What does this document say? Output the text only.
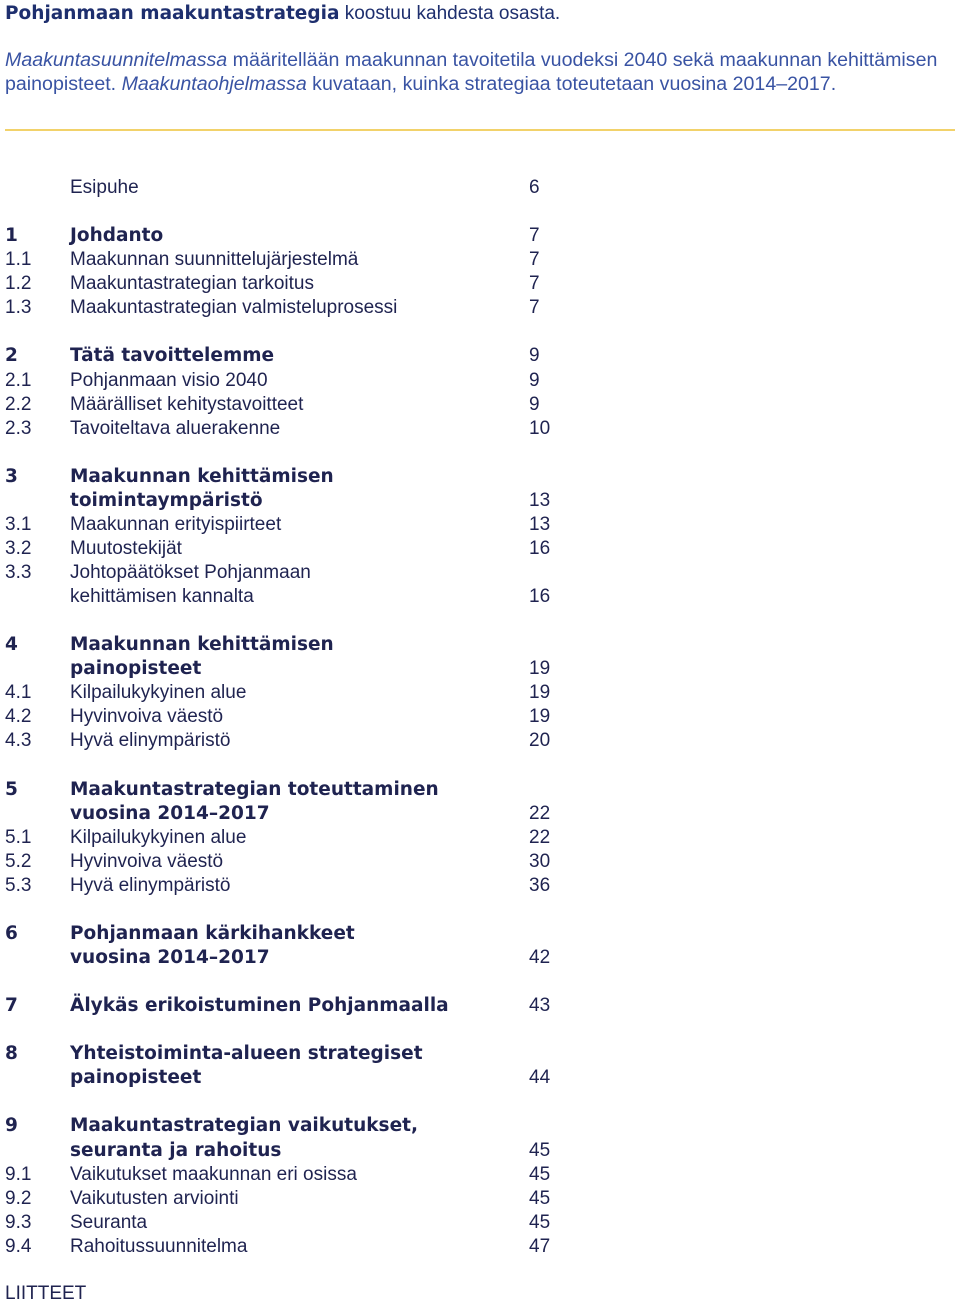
Pohjanmaan maakuntastrategia koostuu kahdesta osasta.
Maakuntasuunnitelmassa määritellään maakunnan tavoitetila vuodeksi 2040 sekä maakunnan kehittämisen
painopisteet. Maakuntaohjelmassa kuvataan, kuinka strategiaa toteutetaan vuosina 2014–2017.
Esipuhe	6
1	Johdanto	7
1.1	Maakunnan suunnittelujärjestelmä	7
1.2	Maakuntastrategian tarkoitus	7
1.3	Maakuntastrategian valmisteluprosessi	7
2	Tätä tavoittelemme	9
2.1	Pohjanmaan visio 2040	9
2.2	Määrälliset kehitystavoitteet	9
2.3	Tavoiteltava aluerakenne	10
3	Maakunnan kehittämisen
toimintaympäristö	13
3.1	Maakunnan erityispiirteet	13
3.2	Muutostekijät	16
3.3	Johtopäätökset Pohjanmaan
kehittämisen kannalta	16
4	Maakunnan kehittämisen
painopisteet	19
4.1	Kilpailukykyinen alue	19
4.2	Hyvinvoiva väestö	19
4.3	Hyvä elinympäristö	20
5	Maakuntastrategian toteuttaminen
vuosina 2014–2017	22
5.1	Kilpailukykyinen alue	22
5.2	Hyvinvoiva väestö	30
5.3	Hyvä elinympäristö	36
6	Pohjanmaan kärkihankkeet
vuosina 2014–2017	42
7	Älykäs erikoistuminen Pohjanmaalla	43
8	Yhteistoiminta-alueen strategiset
painopisteet	44
9	Maakuntastrategian vaikutukset,
seuranta ja rahoitus	45
9.1	Vaikutukset maakunnan eri osissa	45
9.2	Vaikutusten arviointi	45
9.3	Seuranta	45
9.4	Rahoitussuunnitelma	47
LIITTEET
